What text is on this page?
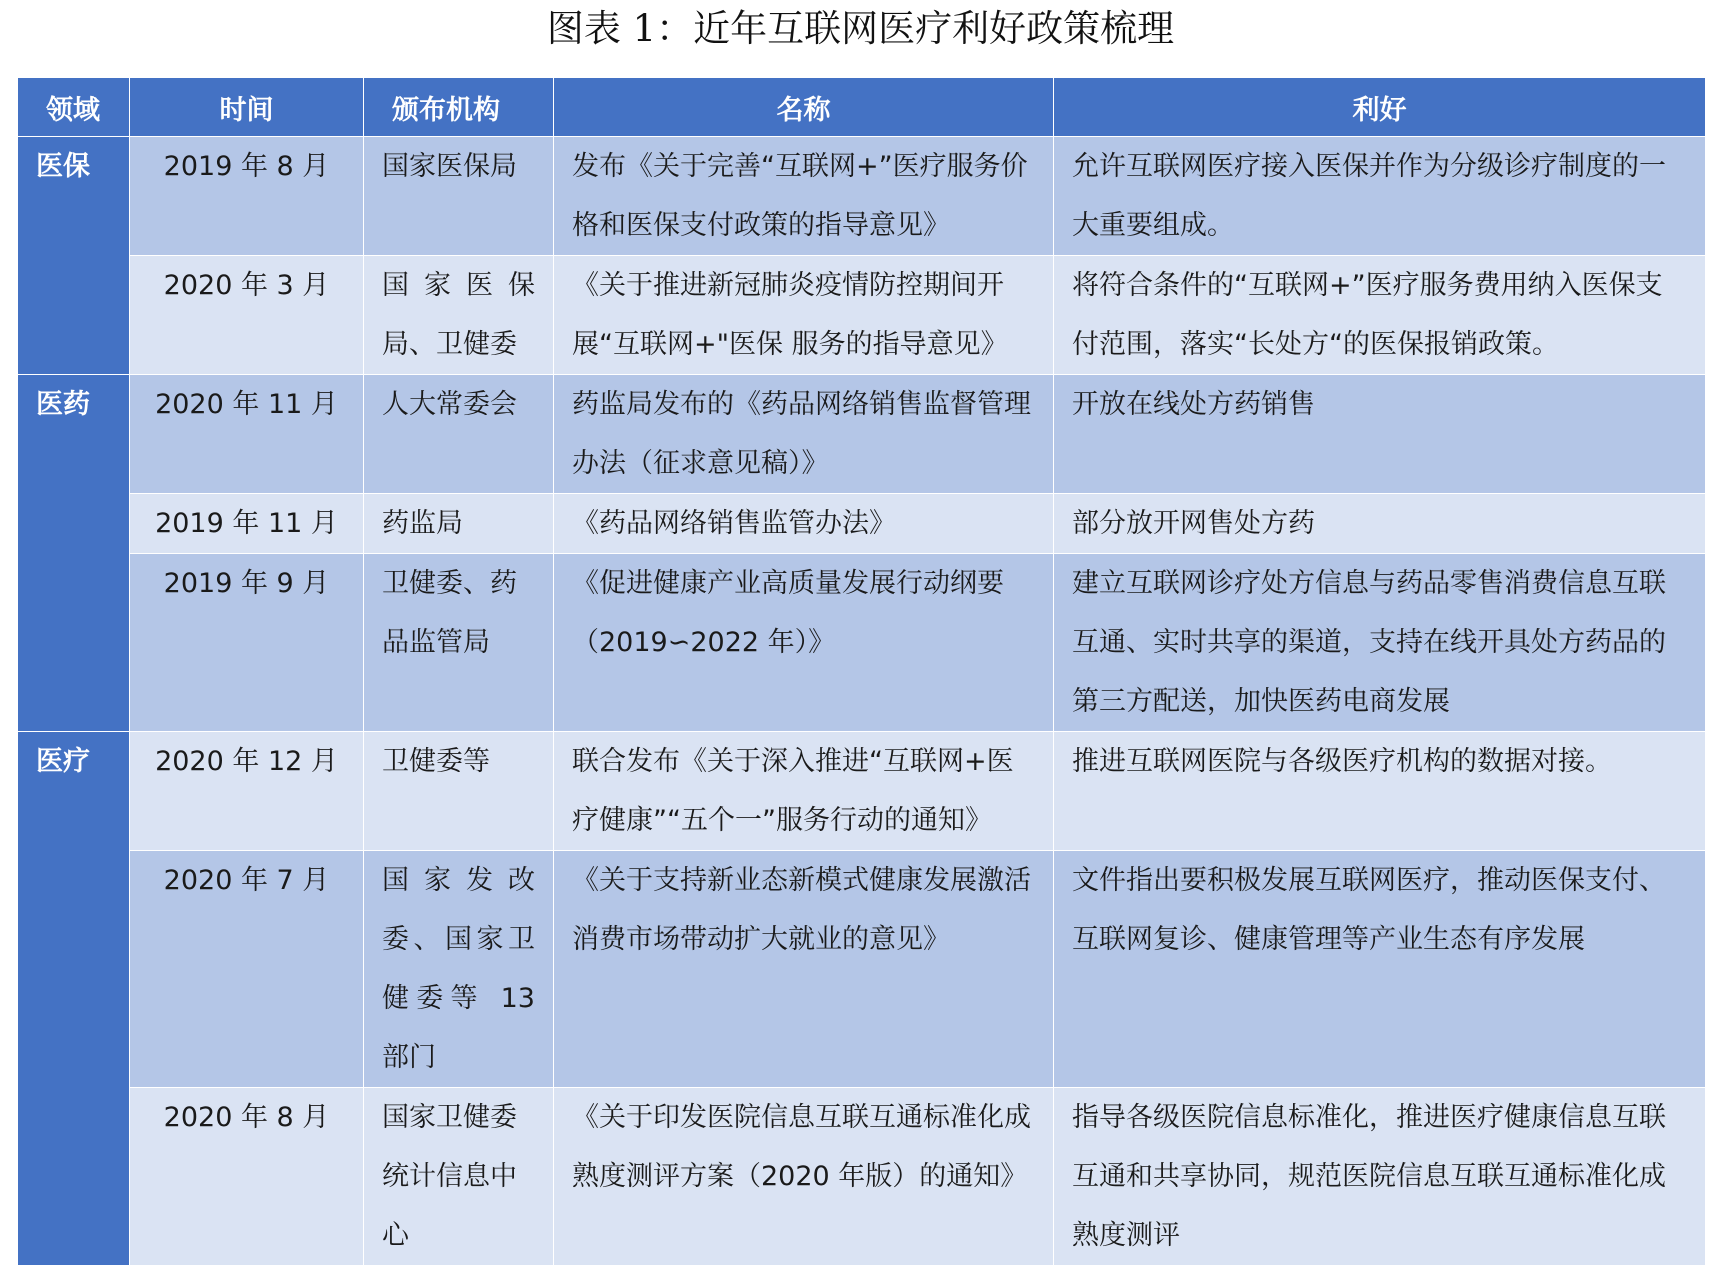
图表 1：近年互联网医疗利好政策梳理
领域	时间	颁布机构	名称	利好
医保	2019 年 8 月	国家医保局	发布《关于完善“互联网+”医疗服务价格和医保支付政策的指导意见》	允许互联网医疗接入医保并作为分级诊疗制度的一大重要组成。
	2020 年 3 月	国家医保局、卫健委	《关于推进新冠肺炎疫情防控期间开展“互联网+"医保 服务的指导意见》	将符合条件的“互联网+”医疗服务费用纳入医保支付范围，落实“长处方“的医保报销政策。
医药	2020 年 11 月	人大常委会	药监局发布的《药品网络销售监督管理办法（征求意见稿）》	开放在线处方药销售
	2019 年 11 月	药监局	《药品网络销售监管办法》	部分放开网售处方药
	2019 年 9 月	卫健委、药品监管局	《促进健康产业高质量发展行动纲要（2019∽2022 年）》	建立互联网诊疗处方信息与药品零售消费信息互联互通、实时共享的渠道，支持在线开具处方药品的第三方配送，加快医药电商发展
医疗	2020 年 12 月	卫健委等	联合发布《关于深入推进“互联网+医疗健康”“五个一”服务行动的通知》	推进互联网医院与各级医疗机构的数据对接。
	2020 年 7 月	国家发改委、国家卫健委等 13 部门	《关于支持新业态新模式健康发展激活消费市场带动扩大就业的意见》	文件指出要积极发展互联网医疗，推动医保支付、互联网复诊、健康管理等产业生态有序发展
	2020 年 8 月	国家卫健委统计信息中心	《关于印发医院信息互联互通标准化成熟度测评方案（2020 年版）的通知》	指导各级医院信息标准化，推进医疗健康信息互联互通和共享协同，规范医院信息互联互通标准化成熟度测评
